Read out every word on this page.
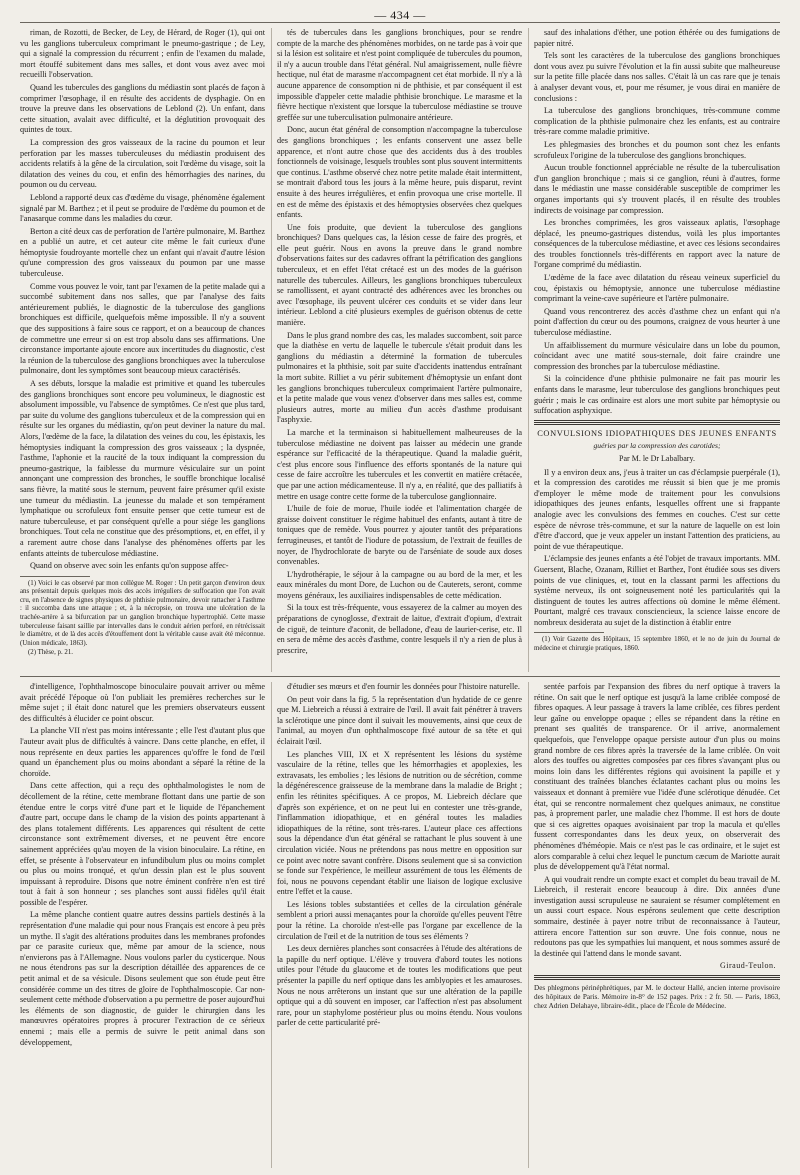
— 434 —

riman, de Rozotti, de Becker, de Ley, de Hérard, de Roger (1), qui ont vu les ganglions tuberculeux comprimant le pneumo-gastrique ; de Ley, qui a signalé la compression du récurrent ; enfin de l'examen du malade, mort étouffé subitement dans mes salles, et dont vous avez avec moi recueilli l'observation.

Quand les tubercules des ganglions du médiastin sont placés de façon à comprimer l'œsophage, il en résulte des accidents de dysphagie. On en trouve la preuve dans les observations de Leblond (2). Un enfant, dans cette situation, avalait avec difficulté, et la déglutition provoquait des quintes de toux.

La compression des gros vaisseaux de la racine du poumon et leur perforation par les masses tuberculeuses du médiastin produisent des accidents relatifs à la gêne de la circulation, soit l'œdème du visage, soit la dilatation des veines du cou, et enfin des hémorrhagies des narines, du poumon ou du cerveau.

Leblond a rapporté deux cas d'œdème du visage, phénomène également signalé par M. Barthez ; et il peut se produire de l'œdème du poumon et de l'anasarque comme dans les maladies du cœur.

Berton a cité deux cas de perforation de l'artère pulmonaire, M. Barthez en a publié un autre, et cet auteur cite même le fait curieux d'une hémoptysie foudroyante mortelle chez un enfant qui n'avait d'autre lésion qu'une compression des gros vaisseaux du poumon par une masse tuberculeuse.

Comme vous pouvez le voir, tant par l'examen de la petite malade qui a succombé subitement dans nos salles, que par l'analyse des faits antérieurement publiés, le diagnostic de la tuberculose des ganglions bronchiques est difficile, quelquefois même impossible. Il n'y a souvent que des suppositions à faire sous ce rapport, et on a beaucoup de chances de commettre une erreur si on est trop absolu dans ses affirmations. Une circonstance importante ajoute encore aux incertitudes du diagnostic, c'est la réunion de la tuberculose des ganglions bronchiques avec la tuberculose pulmonaire, dont les symptômes sont beaucoup mieux caractérisés.

A ses débuts, lorsque la maladie est primitive et quand les tubercules des ganglions bronchiques sont encore peu volumineux, le diagnostic est absolument impossible, vu l'absence de symptômes. Ce n'est que plus tard, par suite du volume des ganglions tuberculeux et de la compression qui en résulte sur les organes du médiastin, qu'on peut deviner la nature du mal. Alors, l'œdème de la face, la dilatation des veines du cou, les épistaxis, les hémoptysies indiquant la compression des gros vaisseaux ; la dyspnée, l'asthme, l'aphonie et la raucité de la toux indiquant la compression du pneumo-gastrique, la faiblesse du murmure vésiculaire sur un point annonçant une compression des bronches, le souffle bronchique localisé sans fièvre, la matité sous le sternum, peuvent faire présumer qu'il existe une tumeur du médiastin. La jeunesse du malade et son tempérament lymphatique ou scrofuleux font ensuite penser que cette tumeur est de nature tuberculeuse, et par conséquent qu'elle a pour siége les ganglions bronchiques. Tout cela ne constitue que des présomptions, et, en effet, il y a rarement autre chose dans l'analyse des phénomènes offerts par les enfants atteints de tuberculose médiastine.

Quand on observe avec soin les enfants qu'on suppose affec-

(1) Voici le cas observé par mon collègue M. Roger : Un petit garçon d'environ deux ans présentait depuis quelques mois des accès irréguliers de suffocation que l'on avait cru, en l'absence de signes physiques de phthisie pulmonaire, devoir rattacher à l'asthme : il succomba dans une attaque ; et, à la nécropsie, on trouva une ulcération de la trachée-artère à sa bifurcation par un ganglion bronchique hypertrophié. Cette masse tuberculeuse faisant saillie par intervalles dans le conduit aérien perforé, en rétrécissait le diamètre, et de là des accès d'étouffement dont la véritable cause avait été méconnue. (Union médicale, 1863).

(2) Thèse, p. 21.

tés de tubercules dans les ganglions bronchiques, pour se rendre compte de la marche des phénomènes morbides, on ne tarde pas à voir que si la lésion est solitaire et n'est point compliquée de tubercules du poumon, il n'y a aucun trouble dans l'état général. Nul amaigrissement, nulle fièvre hectique, nul état de marasme n'accompagnent cet état morbide. Il n'y a là aucune apparence de consomption ni de phthisie, et par conséquent il est impossible d'appeler cette maladie phthisie bronchique. Le marasme et la fièvre hectique n'existent que lorsque la tuberculose médiastine se trouve greffée sur une tuberculisation pulmonaire antérieure.

Donc, aucun état général de consomption n'accompagne la tuberculose des ganglions bronchiques ; les enfants conservent une assez belle apparence, et n'ont autre chose que des accidents dus à des troubles fonctionnels de voisinage, lesquels troubles sont plus souvent intermittents que continus. L'asthme observé chez notre petite malade était intermittent, se montrait d'abord tous les jours à la même heure, puis disparut, revint ensuite à des heures irrégulières, et enfin provoqua une crise mortelle. Il en est de même des épistaxis et des hémoptysies observées chez quelques enfants.

Une fois produite, que devient la tuberculose des ganglions bronchiques? Dans quelques cas, la lésion cesse de faire des progrès, et elle peut guérir. Nous en avons la preuve dans le grand nombre d'observations faites sur des cadavres offrant la pétrification des ganglions tuberculeux, et en effet l'état crétacé est un des modes de la guérison naturelle des tubercules. Ailleurs, les ganglions bronchiques tuberculeux se ramollissent, et ayant contracté des adhérences avec les bronches ou avec l'œsophage, ils peuvent ulcérer ces conduits et se vider dans leur intérieur. Leblond a cité plusieurs exemples de guérison obtenus de cette manière.

Dans le plus grand nombre des cas, les malades succombent, soit parce que la diathèse en vertu de laquelle le tubercule s'était produit dans les ganglions du médiastin a déterminé la formation de tubercules pulmonaires et la phthisie, soit par suite d'accidents inattendus entraînant la mort subite. Rilliet a vu périr subitement d'hémoptysie un enfant dont les ganglions bronchiques tuberculeux comprimaient l'artère pulmonaire, et la petite malade que vous venez d'observer dans mes salles est, comme plusieurs autres, morte au milieu d'un accès d'asthme produisant l'asphyxie.

La marche et la terminaison si habituellement malheureuses de la tuberculose médiastine ne doivent pas laisser au médecin une grande espérance sur l'efficacité de la thérapeutique. Quand la maladie guérit, c'est plus encore sous l'influence des efforts spontanés de la nature qui cesse de faire accroître les tubercules et les convertit en matière crétacée, que par une action médicamenteuse. Il n'y a, en réalité, que des palliatifs à mettre en usage contre cette forme de la tuberculose ganglionnaire.

L'huile de foie de morue, l'huile iodée et l'alimentation chargée de graisse doivent constituer le régime habituel des enfants, autant à titre de toniques que de remède. Vous pourrez y ajouter tantôt des préparations ferrugineuses, et tantôt de l'iodure de potassium, de l'extrait de feuilles de noyer, de l'hydrochlorate de baryte ou de l'arséniate de soude aux doses convenables.

L'hydrothérapie, le séjour à la campagne ou au bord de la mer, et les eaux minérales du mont Dore, de Luchon ou de Cauterets, seront, comme moyens généraux, les auxiliaires indispensables de cette médication.

Si la toux est très-fréquente, vous essayerez de la calmer au moyen des préparations de cynoglosse, d'extrait de laitue, d'extrait d'opium, d'extrait de ciguë, de teinture d'aconit, de belladone, d'eau de laurier-cerise, etc. Il en sera de même des accès d'asthme, contre lesquels il n'y a rien de plus à prescrire,

sauf des inhalations d'éther, une potion éthérée ou des fumigations de papier nitré.

Tels sont les caractères de la tuberculose des ganglions bronchiques dont vous avez pu suivre l'évolution et la fin aussi subite que malheureuse sur la petite fille placée dans nos salles. C'était là un cas rare que je tenais à analyser devant vous, et, pour me résumer, je vous dirai en manière de conclusions :

La tuberculose des ganglions bronchiques, très-commune comme complication de la phthisie pulmonaire chez les enfants, est au contraire très-rare comme maladie primitive.

Les phlegmasies des bronches et du poumon sont chez les enfants scrofuleux l'origine de la tuberculose des ganglions bronchiques.

Aucun trouble fonctionnel appréciable ne résulte de la tuberculisation d'un ganglion bronchique ; mais si ce ganglion, réuni à d'autres, forme dans le médiastin une masse considérable susceptible de comprimer les organes importants qui s'y trouvent placés, il en résulte des troubles indirects de voisinage par compression.

Les bronches comprimées, les gros vaisseaux aplatis, l'œsophage déplacé, les pneumo-gastriques distendus, voilà les plus importantes conséquences de la tuberculose médiastine, et avec ces lésions secondaires des troubles fonctionnels très-différents en rapport avec la nature de l'organe comprimé du médiastin.

L'œdème de la face avec dilatation du réseau veineux superficiel du cou, épistaxis ou hémoptysie, annonce une tuberculose médiastine comprimant la veine-cave supérieure et l'artère pulmonaire.

Quand vous rencontrerez des accès d'asthme chez un enfant qui n'a point d'affection du cœur ou des poumons, craignez de vous heurter à une tuberculose médiastine.

Un affaiblissement du murmure vésiculaire dans un lobe du poumon, coïncidant avec une matité sous-sternale, doit faire craindre une compression des bronches par la tuberculose médiastine.

Si la coïncidence d'une phthisie pulmonaire ne fait pas mourir les enfants dans le marasme, leur tuberculose des ganglions bronchiques peut guérir ; mais le cas ordinaire est alors une mort subite par hémoptysie ou suffocation asphyxique.

CONVULSIONS IDIOPATHIQUES DES JEUNES ENFANTS
guéries par la compression des carotides;
Par M. le Dr Labalbary.

Il y a environ deux ans, j'eus à traiter un cas d'éclampsie puerpérale (1), et la compression des carotides me réussit si bien que je me promis d'employer le même mode de traitement pour les convulsions idiopathiques des jeunes enfants, lesquelles offrent une si frappante analogie avec les convulsions des femmes en couches. C'est sur cette espèce de névrose très-commune, et sur la nature de laquelle on est loin d'être d'accord, que je veux appeler un instant l'attention des praticiens, au point de vue thérapeutique.

L'éclampsie des jeunes enfants a été l'objet de travaux importants. MM. Guersent, Blache, Ozanam, Rilliet et Barthez, l'ont étudiée sous ses divers points de vue cliniques, et, tout en la classant parmi les affections du système nerveux, ils ont soigneusement noté les particularités qui la distinguent de toutes les autres affections où domine le même élément. Pourtant, malgré ces travaux consciencieux, la science laisse encore de nombreux desiderata au sujet de la distinction à établir entre

(1) Voir Gazette des Hôpitaux, 15 septembre 1860, et le no de juin du Journal de médecine et chirurgie pratiques, 1860.

d'intelligence, l'ophthalmoscope binoculaire pouvait arriver ou même avait précédé l'époque où l'on publiait les premières recherches sur le même sujet ; il était donc naturel que les premiers observateurs eussent des difficultés à élucider ce point obscur.

La planche VII n'est pas moins intéressante ; elle l'est d'autant plus que l'auteur avait plus de difficultés à vaincre. Dans cette planche, en effet, il nous représente en deux parties les apparences qu'offre le fond de l'œil quand un épanchement plus ou moins abondant a séparé la rétine de la choroïde.

Dans cette affection, qui a reçu des ophthalmologistes le nom de décollement de la rétine, cette membrane flottant dans une partie de son étendue entre le corps vitré d'une part et le liquide de l'épanchement d'autre part, occupe dans le champ de la vision des points appartenant à des plans totalement différents. Les apparences qui résultent de cette circonstance sont extrêmement diverses, et ne peuvent être encore sainement appréciées qu'au moyen de la vision binoculaire. La rétine, en effet, se présente à l'observateur en infundibulum plus ou moins complet ou plus ou moins tronqué, et qu'un dessin plan est le plus souvent impuissant à reproduire. Disons que notre éminent confrère n'en est tiré tout à fait à son honneur ; ses planches sont aussi fidèles qu'il était possible de l'espérer.

La même planche contient quatre autres dessins partiels destinés à la représentation d'une maladie qui pour nous Français est encore à peu près un mythe. Il s'agit des altérations produites dans les membranes profondes par ce parasite curieux que, même par amour de la science, nous n'envierons pas à l'Allemagne. Nous voulons parler du cysticerque. Nous ne nous étendrons pas sur la description détaillée des apparences de ce petit animal et de sa vésicule. Disons seulement que son étude peut être considérée comme un des titres de gloire de l'ophthalmoscopie. Car non-seulement cette méthode d'observation a pu permettre de poser aujourd'hui les éléments de son diagnostic, de guider le chirurgien dans les manœuvres opératoires propres à procurer l'extraction de ce sérieux ennemi ; mais elle a permis de suivre le petit animal dans son développement,

d'étudier ses mœurs et d'en fournir les données pour l'histoire naturelle.

On peut voir dans la fig. 5 la représentation d'un hydatide de ce genre que M. Liebreich a réussi à extraire de l'œil. Il avait fait pénétrer à travers la sclérotique une pince dont il suivait les mouvements, ainsi que ceux de l'animal, au moyen d'un ophthalmoscope fixé autour de sa tête et qui éclairait l'œil.

Les planches VIII, IX et X représentent les lésions du système vasculaire de la rétine, telles que les hémorrhagies et apoplexies, les extravasats, les embolies ; les lésions de nutrition ou de sécrétion, comme la dégénérescence graisseuse de la membrane dans la maladie de Bright ; enfin les rétinites spécifiques. A ce propos, M. Liebreich déclare que d'après son expérience, et on ne peut lui en contester une très-grande, l'inflammation idiopathique, et en général toutes les maladies idiopathiques de la rétine, sont très-rares. L'auteur place ces affections sous la dépendance d'un état général se rattachant le plus souvent à une circulation viciée. Nous ne prétendons pas nous mettre en opposition sur ce point avec notre savant confrère. Disons seulement que si sa conviction se fonde sur l'expérience, le meilleur assurément de tous les éléments de foi, nous ne pouvons cependant établir une liaison de logique exclusive entre l'effet et la cause.

Les lésions tobles substantiées et celles de la circulation générale semblent a priori aussi menaçantes pour la choroïde qu'elles peuvent l'être pour la rétine. La choroïde n'est-elle pas l'organe par excellence de la circulation de l'œil et de la nutrition de tous ses éléments ?

Les deux dernières planches sont consacrées à l'étude des altérations de la papille du nerf optique. L'élève y trouvera d'abord toutes les notions utiles pour l'étude du glaucome et de toutes les modifications que peut présenter la papille du nerf optique dans les amblyopies et les amauroses. Nous ne nous arrêterons un instant que sur une altération de la papille optique qui a dû souvent en imposer, car l'affection n'est pas absolument rare, pour un staphylome postérieur plus ou moins étendu. Nous voulons parler de cette particularité pré-

sentée parfois par l'expansion des fibres du nerf optique à travers la rétine. On sait que le nerf optique est jusqu'à la lame criblée composé de fibres opaques. A leur passage à travers la lame criblée, ces fibres perdent leur gaîne ou enveloppe opaque ; elles se répandent dans la rétine en prenant ses qualités de transparence. Or il arrive, anormalement quelquefois, que l'enveloppe opaque persiste autour d'un plus ou moins grand nombre de ces fibres après la traversée de la lame criblée. On voit alors des touffes ou aigrettes composées par ces fibres s'avançant plus ou moins loin dans les différentes régions qui avoisinent la papille et y constituant des traînées blanches éclatantes cachant plus ou moins les vaisseaux et donnant à première vue l'idée d'une sclérotique dénudée. Cet état, qui se rencontre normalement chez quelques animaux, ne constitue pas, à proprement parler, une maladie chez l'homme. Il est hors de doute que si ces aigrettes opaques avoisinaient par trop la macula et qu'elles fussent correspondantes dans les deux yeux, on observerait des phénomènes d'héméopie. Mais ce n'est pas le cas ordinaire, et le sujet est alors comparable à celui chez lequel le punctum cæcum de Mariotte aurait plus de développement qu'à l'état normal.

A qui voudrait rendre un compte exact et complet du beau travail de M. Liebreich, il resterait encore beaucoup à dire. Dix années d'une investigation aussi scrupuleuse ne sauraient se résumer complétement en un aussi court espace. Nous espérons seulement que cette description sommaire, destinée à payer notre tribut de reconnaissance à l'auteur, attirera encore l'attention sur son œuvre. Une fois connue, nous ne redoutons pas que les sympathies lui manquent, et nous sommes assuré de la destinée qui l'attend dans le monde savant.

Giraud-Teulon.

Des phlegmons périnéphrétiques, par M. le docteur Hallé, ancien interne provisoire des hôpitaux de Paris. Mémoire in-8° de 152 pages. Prix : 2 fr. 50. — Paris, 1863, chez Adrien Delahaye, libraire-édit., place de l'École de Médecine.
